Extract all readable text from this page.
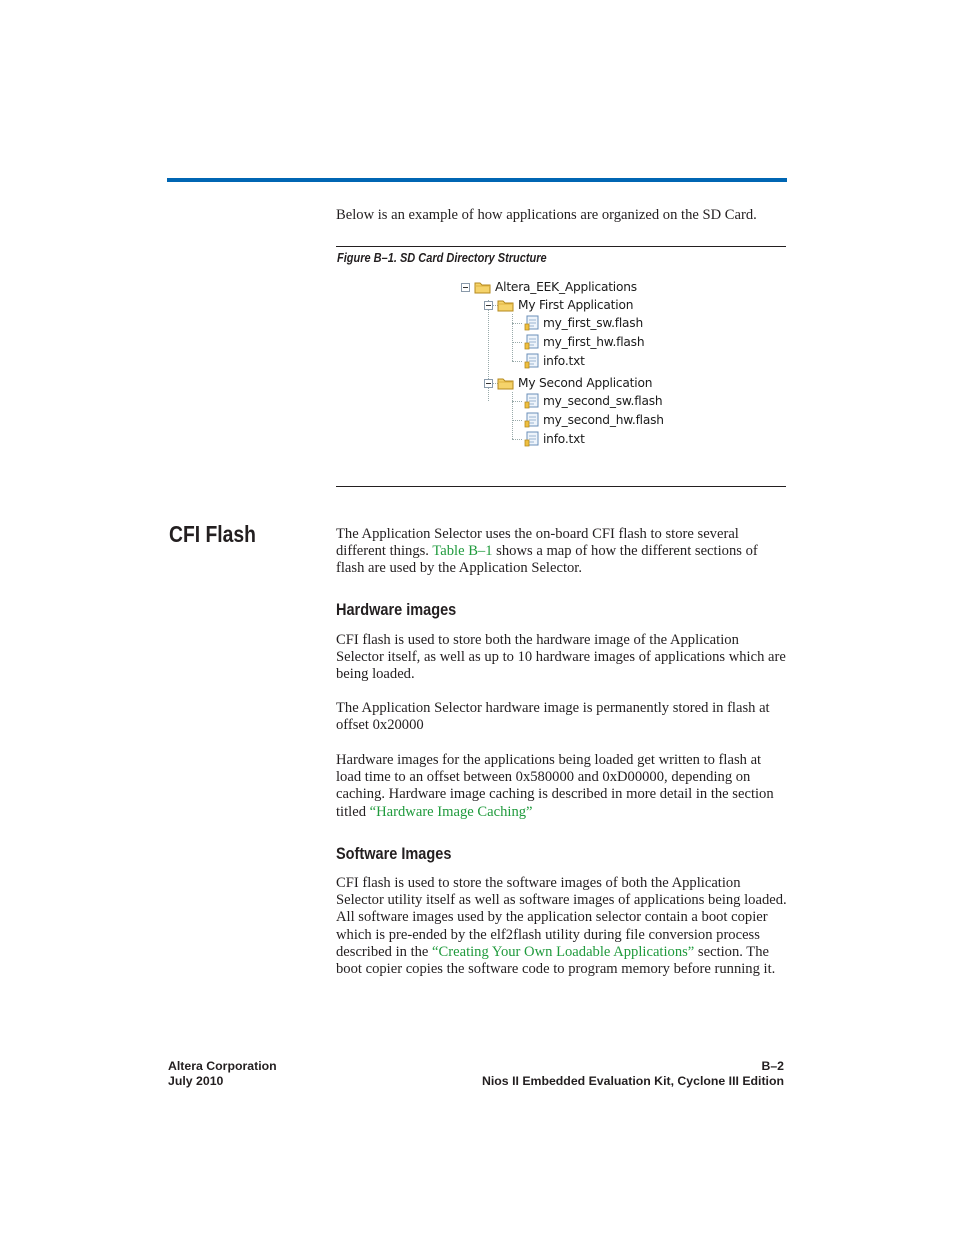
Below is an example of how applications are organized on the SD Card.
Figure B–1. SD Card Directory Structure
Altera_EEK_Applications
My First Application
my_first_sw.flash
my_first_hw.flash
info.txt
My Second Application
my_second_sw.flash
my_second_hw.flash
info.txt
CFI Flash	The Application Selector uses the on-board CFI flash to store several different things. Table B–1 shows a map of how the different sections of flash are used by the Application Selector.
Hardware images
CFI flash is used to store both the hardware image of the Application Selector itself, as well as up to 10 hardware images of applications which are being loaded.
The Application Selector hardware image is permanently stored in flash at offset 0x20000
Hardware images for the applications being loaded get written to flash at load time to an offset between 0x580000 and 0xD00000, depending on caching. Hardware image caching is described in more detail in the section titled “Hardware Image Caching”
Software Images
CFI flash is used to store the software images of both the Application Selector utility itself as well as software images of applications being loaded. All software images used by the application selector contain a boot copier which is pre-ended by the elf2flash utility during file conversion process described in the “Creating Your Own Loadable Applications” section. The boot copier copies the software code to program memory before running it.
Altera Corporation
July 2010
B–2
Nios II Embedded Evaluation Kit, Cyclone III Edition
